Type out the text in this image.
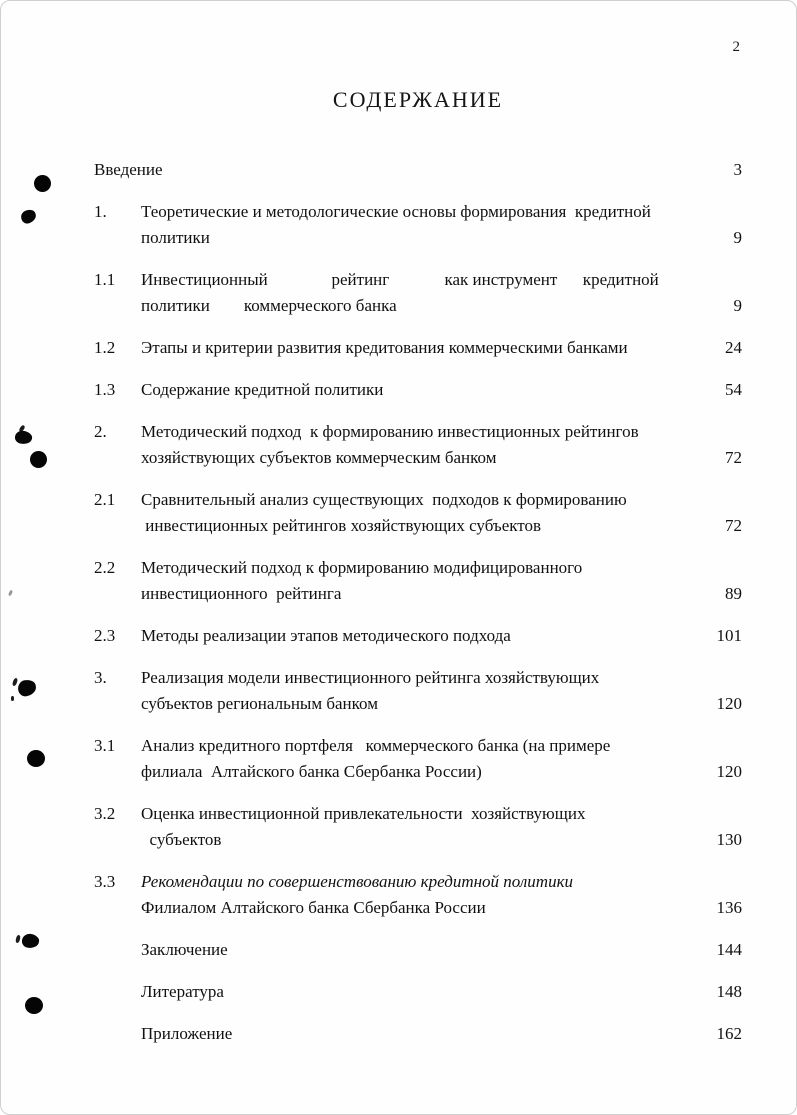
2
СОДЕРЖАНИЕ
Введение	3
1.	Теоретические и методологические основы формирования  кредитной
политики	9
1.1	Инвестиционный               рейтинг             как инструмент      кредитной
политики        коммерческого банка	9
1.2	Этапы и критерии развития кредитования коммерческими банками	24
1.3	Содержание кредитной политики	54
2.	Методический подход  к формированию инвестиционных рейтингов
хозяйствующих субъектов коммерческим банком	72
2.1	Сравнительный анализ существующих  подходов к формированию
инвестиционных рейтингов хозяйствующих субъектов	72
2.2	Методический подход к формированию модифицированного
инвестиционного  рейтинга	89
2.3	Методы реализации этапов методического подхода	101
3.	Реализация модели инвестиционного рейтинга хозяйствующих
субъектов региональным банком	120
3.1	Анализ кредитного портфеля   коммерческого банка (на примере
филиала  Алтайского банка Сбербанка России)	120
3.2	Оценка инвестиционной привлекательности  хозяйствующих
субъектов	130
3.3	Рекомендации по совершенствованию кредитной политики
Филиалом Алтайского банка Сбербанка России	136
Заключение	144
Литература	148
Приложение	162
